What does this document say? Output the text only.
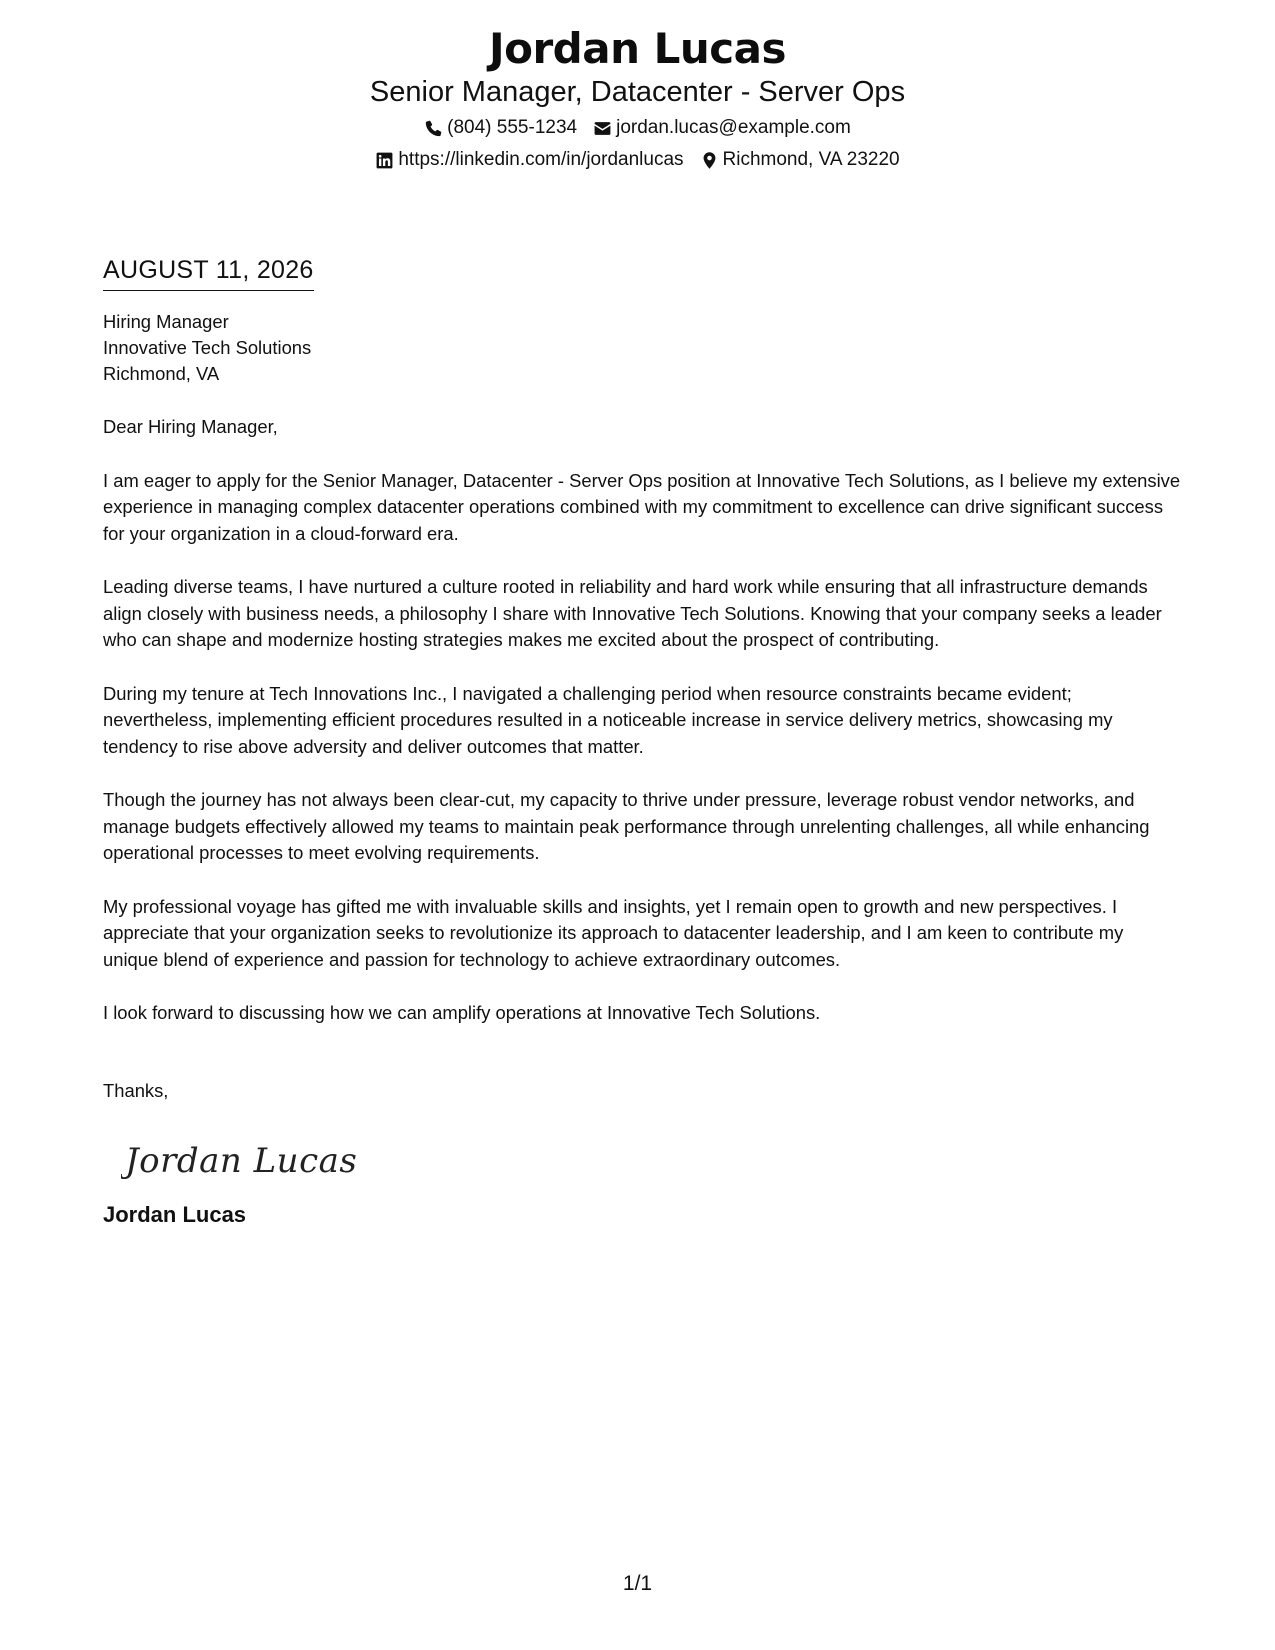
Jordan Lucas
Senior Manager, Datacenter - Server Ops
(804) 555-1234 jordan.lucas@example.com
https://linkedin.com/in/jordanlucas Richmond, VA 23220
AUGUST 11, 2026
Hiring Manager
Innovative Tech Solutions
Richmond, VA
Dear Hiring Manager,
I am eager to apply for the Senior Manager, Datacenter - Server Ops position at Innovative Tech Solutions, as I believe my extensive experience in managing complex datacenter operations combined with my commitment to excellence can drive significant success for your organization in a cloud-forward era.
Leading diverse teams, I have nurtured a culture rooted in reliability and hard work while ensuring that all infrastructure demands align closely with business needs, a philosophy I share with Innovative Tech Solutions. Knowing that your company seeks a leader who can shape and modernize hosting strategies makes me excited about the prospect of contributing.
During my tenure at Tech Innovations Inc., I navigated a challenging period when resource constraints became evident; nevertheless, implementing efficient procedures resulted in a noticeable increase in service delivery metrics, showcasing my tendency to rise above adversity and deliver outcomes that matter.
Though the journey has not always been clear-cut, my capacity to thrive under pressure, leverage robust vendor networks, and manage budgets effectively allowed my teams to maintain peak performance through unrelenting challenges, all while enhancing operational processes to meet evolving requirements.
My professional voyage has gifted me with invaluable skills and insights, yet I remain open to growth and new perspectives. I appreciate that your organization seeks to revolutionize its approach to datacenter leadership, and I am keen to contribute my unique blend of experience and passion for technology to achieve extraordinary outcomes.
I look forward to discussing how we can amplify operations at Innovative Tech Solutions.
Thanks,
Jordan Lucas
Jordan Lucas
1/1
